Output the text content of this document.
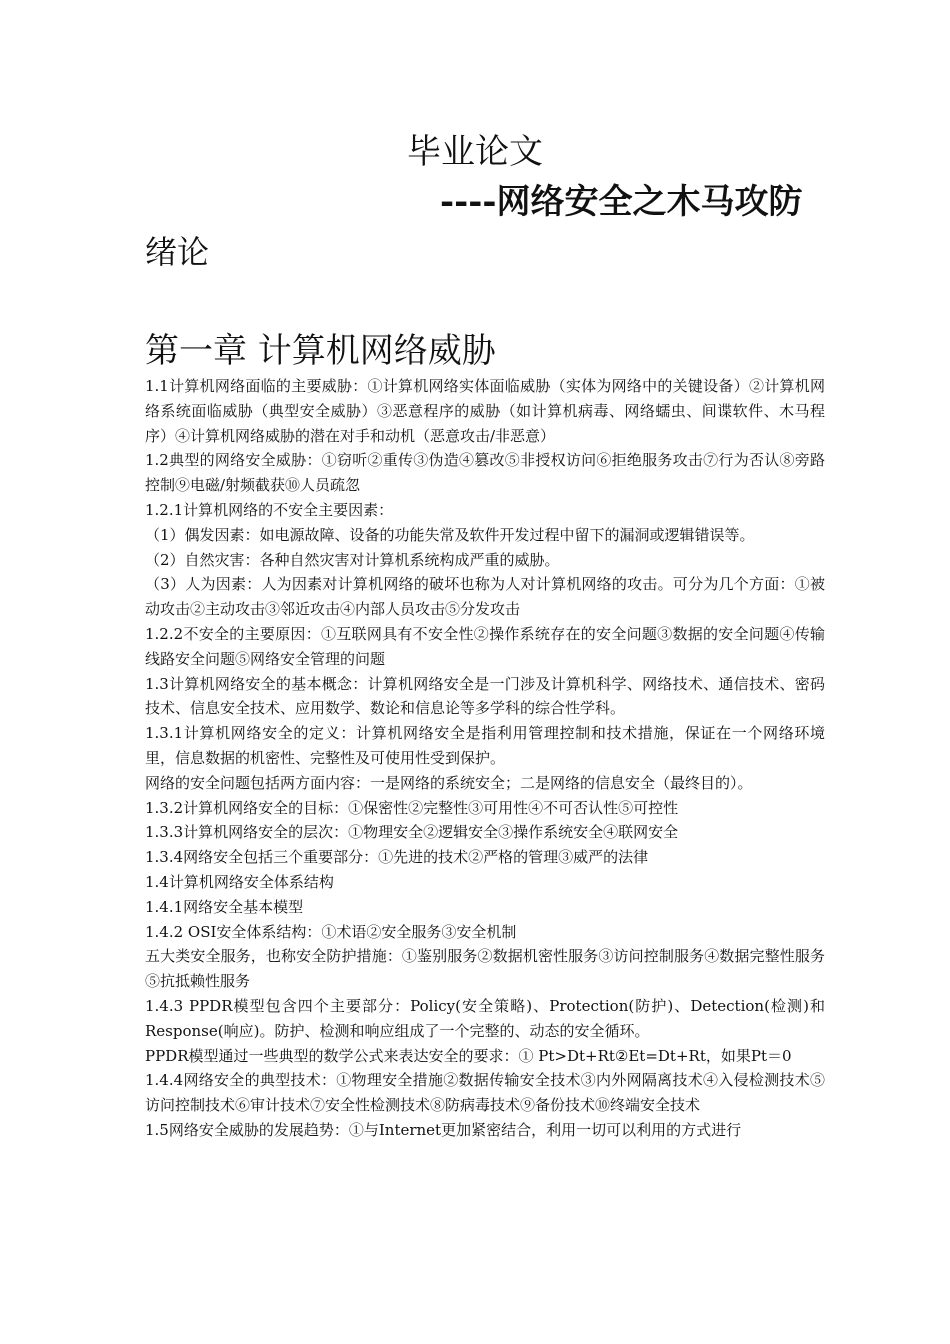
毕业论文
----网络安全之木马攻防
绪论
第一章 计算机网络威胁

1.1计算机网络面临的主要威胁：①计算机网络实体面临威胁（实体为网络中的关键设备）②计算机网络系统面临威胁（典型安全威胁）③恶意程序的威胁（如计算机病毒、网络蠕虫、间谍软件、木马程序）④计算机网络威胁的潜在对手和动机（恶意攻击/非恶意）

1.2典型的网络安全威胁：①窃听②重传③伪造④篡改⑤非授权访问⑥拒绝服务攻击⑦行为否认⑧旁路控制⑨电磁/射频截获⑩人员疏忽

1.2.1计算机网络的不安全主要因素：

（1）偶发因素：如电源故障、设备的功能失常及软件开发过程中留下的漏洞或逻辑错误等。

（2）自然灾害：各种自然灾害对计算机系统构成严重的威胁。

（3）人为因素：人为因素对计算机网络的破坏也称为人对计算机网络的攻击。可分为几个方面：①被动攻击②主动攻击③邻近攻击④内部人员攻击⑤分发攻击

1.2.2不安全的主要原因：①互联网具有不安全性②操作系统存在的安全问题③数据的安全问题④传输线路安全问题⑤网络安全管理的问题

1.3计算机网络安全的基本概念：计算机网络安全是一门涉及计算机科学、网络技术、通信技术、密码技术、信息安全技术、应用数学、数论和信息论等多学科的综合性学科。

1.3.1计算机网络安全的定义：计算机网络安全是指利用管理控制和技术措施，保证在一个网络环境里，信息数据的机密性、完整性及可使用性受到保护。

网络的安全问题包括两方面内容：一是网络的系统安全；二是网络的信息安全（最终目的）。

1.3.2计算机网络安全的目标：①保密性②完整性③可用性④不可否认性⑤可控性

1.3.3计算机网络安全的层次：①物理安全②逻辑安全③操作系统安全④联网安全

1.3.4网络安全包括三个重要部分：①先进的技术②严格的管理③威严的法律

1.4计算机网络安全体系结构

1.4.1网络安全基本模型

1.4.2 OSI安全体系结构：①术语②安全服务③安全机制

五大类安全服务，也称安全防护措施：①鉴别服务②数据机密性服务③访问控制服务④数据完整性服务⑤抗抵赖性服务

1.4.3 PPDR模型包含四个主要部分：Policy(安全策略)、Protection(防护)、Detection(检测)和Response(响应)。防护、检测和响应组成了一个完整的、动态的安全循环。

PPDR模型通过一些典型的数学公式来表达安全的要求：① Pt>Dt+Rt②Et=Dt+Rt，如果Pt＝0

1.4.4网络安全的典型技术：①物理安全措施②数据传输安全技术③内外网隔离技术④入侵检测技术⑤访问控制技术⑥审计技术⑦安全性检测技术⑧防病毒技术⑨备份技术⑩终端安全技术

1.5网络安全威胁的发展趋势：①与Internet更加紧密结合，利用一切可以利用的方式进行
